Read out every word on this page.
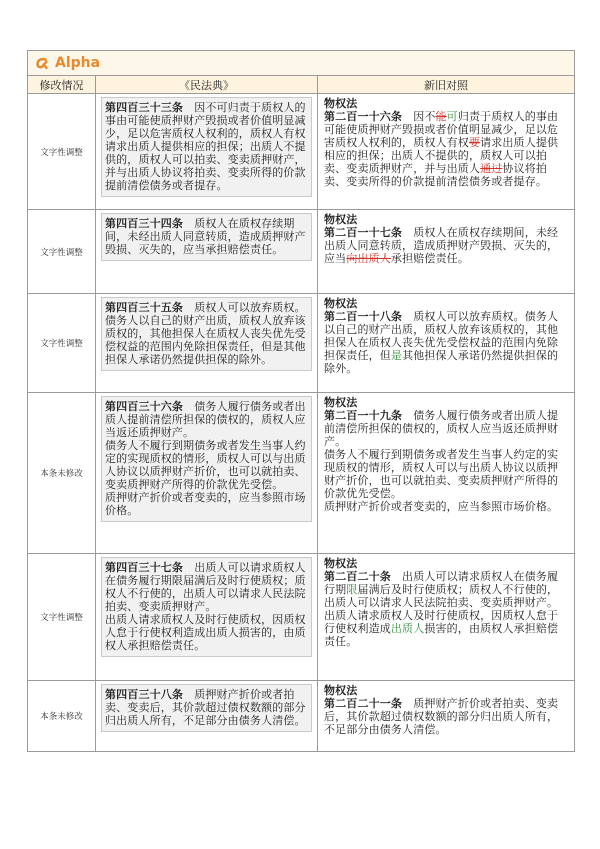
Alpha
修改情况	《民法典》	新旧对照
文字性调整
第四百三十三条　因不可归责于质权人的事由可能使质押财产毁损或者价值明显减少，足以危害质权人权利的，质权人有权请求出质人提供相应的担保；出质人不提供的，质权人可以拍卖、变卖质押财产，并与出质人协议将拍卖、变卖所得的价款提前清偿债务或者提存。
物权法
第二百一十六条　因不能可归责于质权人的事由可能使质押财产毁损或者价值明显减少，足以危害质权人权利的，质权人有权要请求出质人提供相应的担保；出质人不提供的，质权人可以拍卖、变卖质押财产，并与出质人通过协议将拍卖、变卖所得的价款提前清偿债务或者提存。
文字性调整
第四百三十四条　质权人在质权存续期间，未经出质人同意转质，造成质押财产毁损、灭失的，应当承担赔偿责任。
物权法
第二百一十七条　质权人在质权存续期间，未经出质人同意转质，造成质押财产毁损、灭失的，应当向出质人承担赔偿责任。
文字性调整
第四百三十五条　质权人可以放弃质权。债务人以自己的财产出质，质权人放弃该质权的，其他担保人在质权人丧失优先受偿权益的范围内免除担保责任，但是其他担保人承诺仍然提供担保的除外。
物权法
第二百一十八条　质权人可以放弃质权。债务人以自己的财产出质，质权人放弃该质权的，其他担保人在质权人丧失优先受偿权益的范围内免除担保责任，但是其他担保人承诺仍然提供担保的除外。
本条未修改
第四百三十六条　债务人履行债务或者出质人提前清偿所担保的债权的，质权人应当返还质押财产。
债务人不履行到期债务或者发生当事人约定的实现质权的情形，质权人可以与出质人协议以质押财产折价，也可以就拍卖、变卖质押财产所得的价款优先受偿。
质押财产折价或者变卖的，应当参照市场价格。
物权法
第二百一十九条　债务人履行债务或者出质人提前清偿所担保的债权的，质权人应当返还质押财产。
债务人不履行到期债务或者发生当事人约定的实现质权的情形，质权人可以与出质人协议以质押财产折价，也可以就拍卖、变卖质押财产所得的价款优先受偿。
质押财产折价或者变卖的，应当参照市场价格。
文字性调整
第四百三十七条　出质人可以请求质权人在债务履行期限届满后及时行使质权；质权人不行使的，出质人可以请求人民法院拍卖、变卖质押财产。
出质人请求质权人及时行使质权，因质权人怠于行使权利造成出质人损害的，由质权人承担赔偿责任。
物权法
第二百二十条　出质人可以请求质权人在债务履行期限届满后及时行使质权；质权人不行使的，出质人可以请求人民法院拍卖、变卖质押财产。
出质人请求质权人及时行使质权，因质权人怠于行使权利造成出质人损害的，由质权人承担赔偿责任。
本条未修改
第四百三十八条　质押财产折价或者拍卖、变卖后，其价款超过债权数额的部分归出质人所有，不足部分由债务人清偿。
物权法
第二百二十一条　质押财产折价或者拍卖、变卖后，其价款超过债权数额的部分归出质人所有，不足部分由债务人清偿。
